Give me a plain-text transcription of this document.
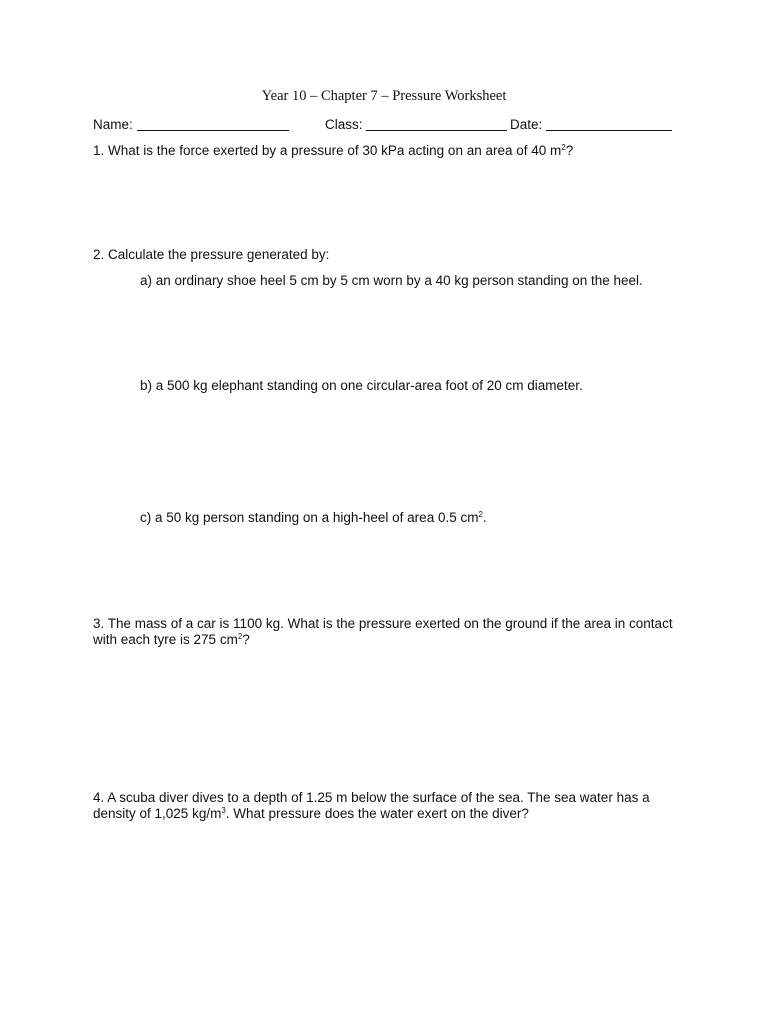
Year 10 – Chapter 7 – Pressure Worksheet
Name:	Class:	Date:
1. What is the force exerted by a pressure of 30 kPa acting on an area of 40 $m^2$?
2. Calculate the pressure generated by:
a) an ordinary shoe heel 5 cm by 5 cm worn by a 40 kg person standing on the heel.
b) a 500 kg elephant standing on one circular-area foot of 20 cm diameter.
c) a 50 kg person standing on a high-heel of area 0.5 $cm^2$.
3. The mass of a car is 1100 kg. What is the pressure exerted on the ground if the area in contact with each tyre is 275 $cm^2$?
4. A scuba diver dives to a depth of 1.25 m below the surface of the sea. The sea water has a density of 1,025 $kg/m^3$. What pressure does the water exert on the diver?
